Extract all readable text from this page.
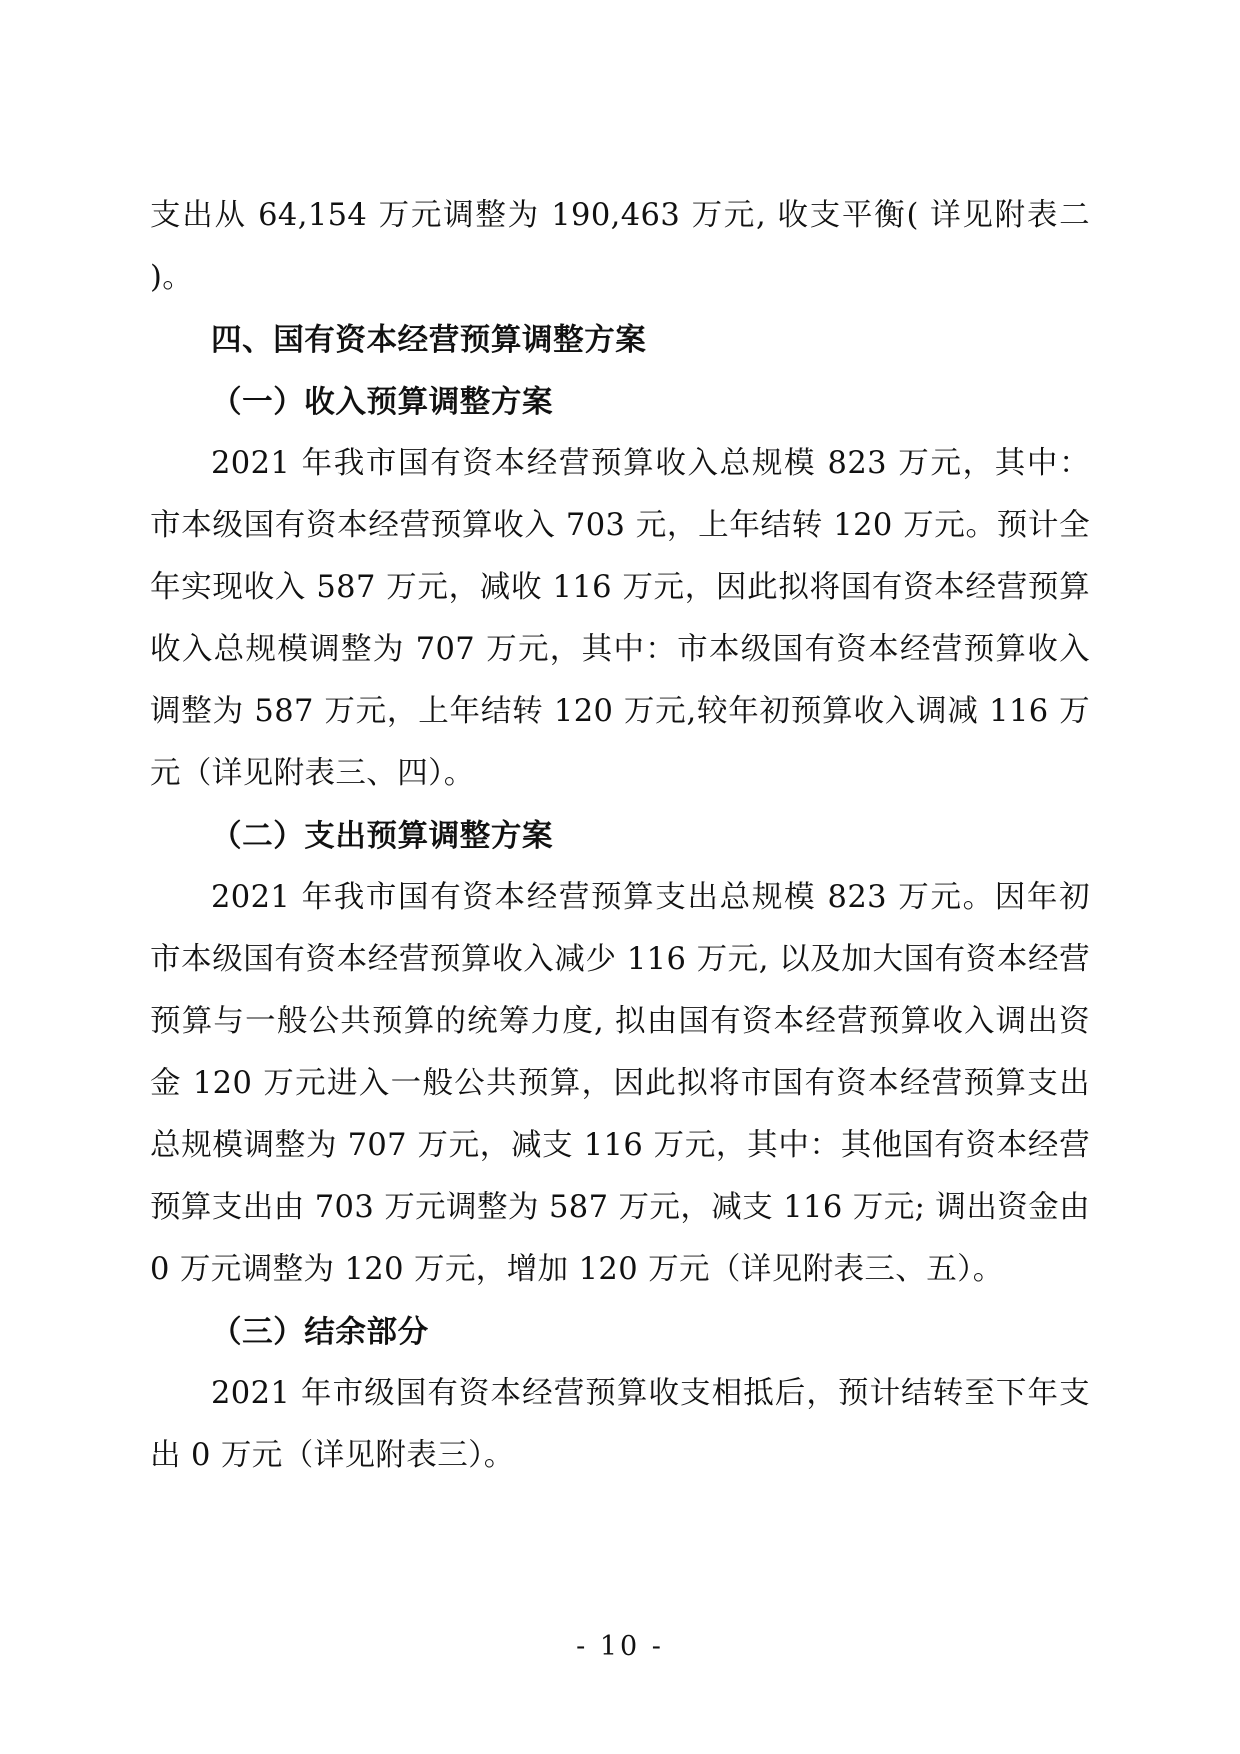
支出从 64,154 万元调整为 190,463 万元, 收支平衡( 详见附表二 )。

四、国有资本经营预算调整方案

（一）收入预算调整方案

2021 年我市国有资本经营预算收入总规模 823 万元，其中：市本级国有资本经营预算收入 703 元，上年结转 120 万元。预计全年实现收入 587 万元，减收 116 万元，因此拟将国有资本经营预算收入总规模调整为 707 万元，其中：市本级国有资本经营预算收入调整为 587 万元，上年结转 120 万元,较年初预算收入调减 116 万元（详见附表三、四）。

（二）支出预算调整方案

2021 年我市国有资本经营预算支出总规模 823 万元。因年初市本级国有资本经营预算收入减少 116 万元, 以及加大国有资本经营预算与一般公共预算的统筹力度, 拟由国有资本经营预算收入调出资金 120 万元进入一般公共预算，因此拟将市国有资本经营预算支出总规模调整为 707 万元，减支 116 万元，其中：其他国有资本经营预算支出由 703 万元调整为 587 万元，减支 116 万元; 调出资金由 0 万元调整为 120 万元，增加 120 万元（详见附表三、五）。

（三）结余部分

2021 年市级国有资本经营预算收支相抵后，预计结转至下年支出 0 万元（详见附表三）。

- 10 -
